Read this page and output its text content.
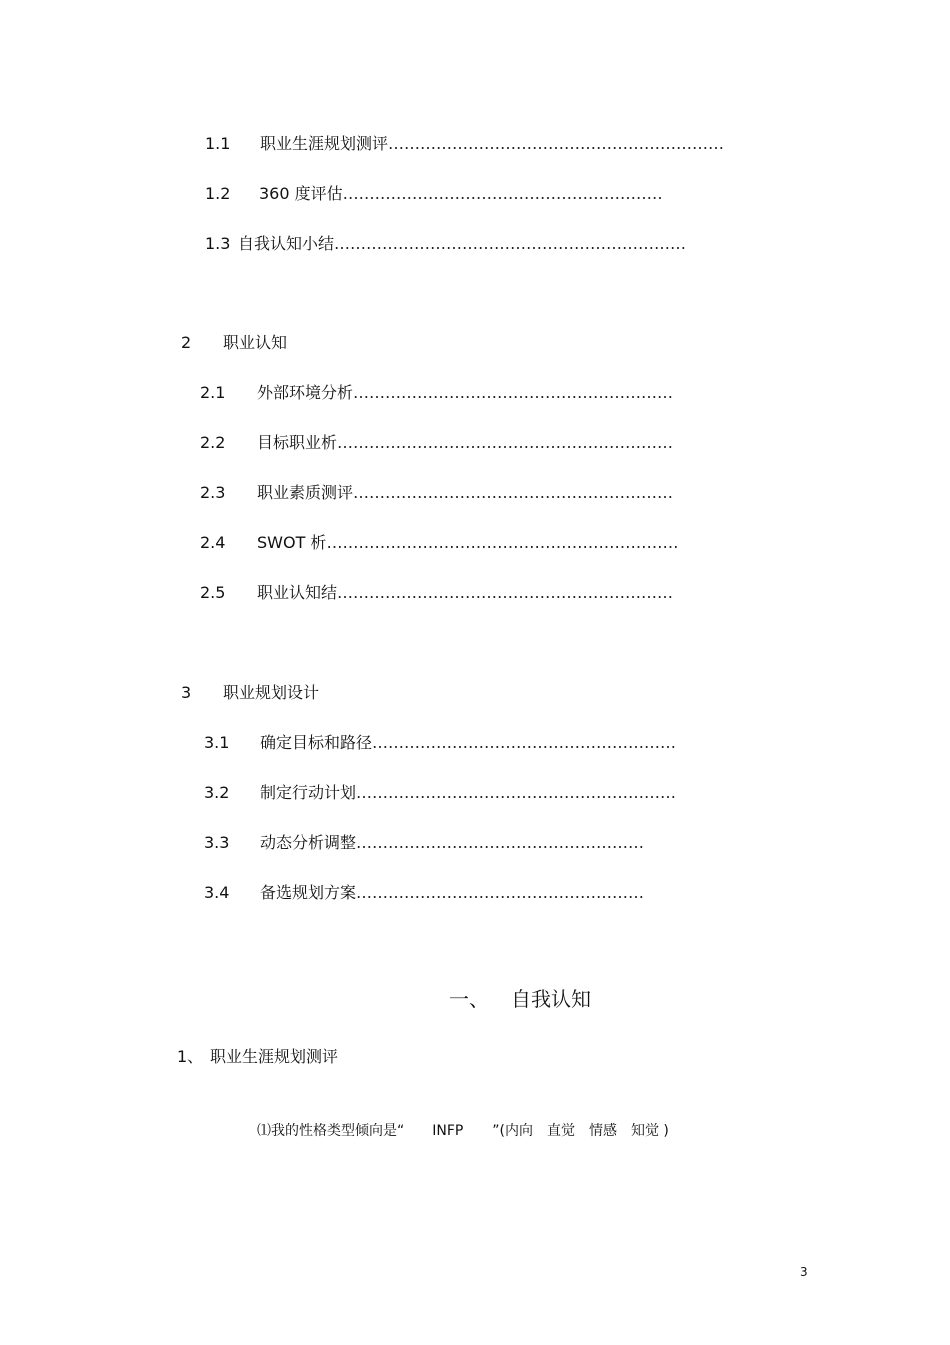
1.1 职业生涯规划测评………………………………………………………
1.2 360 度评估……………………………………………………
1.3 自我认知小结…………………………………………………………
2 职业认知
2.1 外部环境分析……………………………………………………
2.2 目标职业析………………………………………………………
2.3 职业素质测评……………………………………………………
2.4 SWOT 析…………………………………………………………
2.5 职业认知结………………………………………………………
3 职业规划设计
3.1 确定目标和路径…………………………………………………
3.2 制定行动计划……………………………………………………
3.3 动态分析调整………………………………………………
3.4 备选规划方案………………………………………………
一、 自我认知
1、 职业生涯规划测评
⑴我的性格类型倾向是“ INFP ”(内向 直觉 情感 知觉 )
3
